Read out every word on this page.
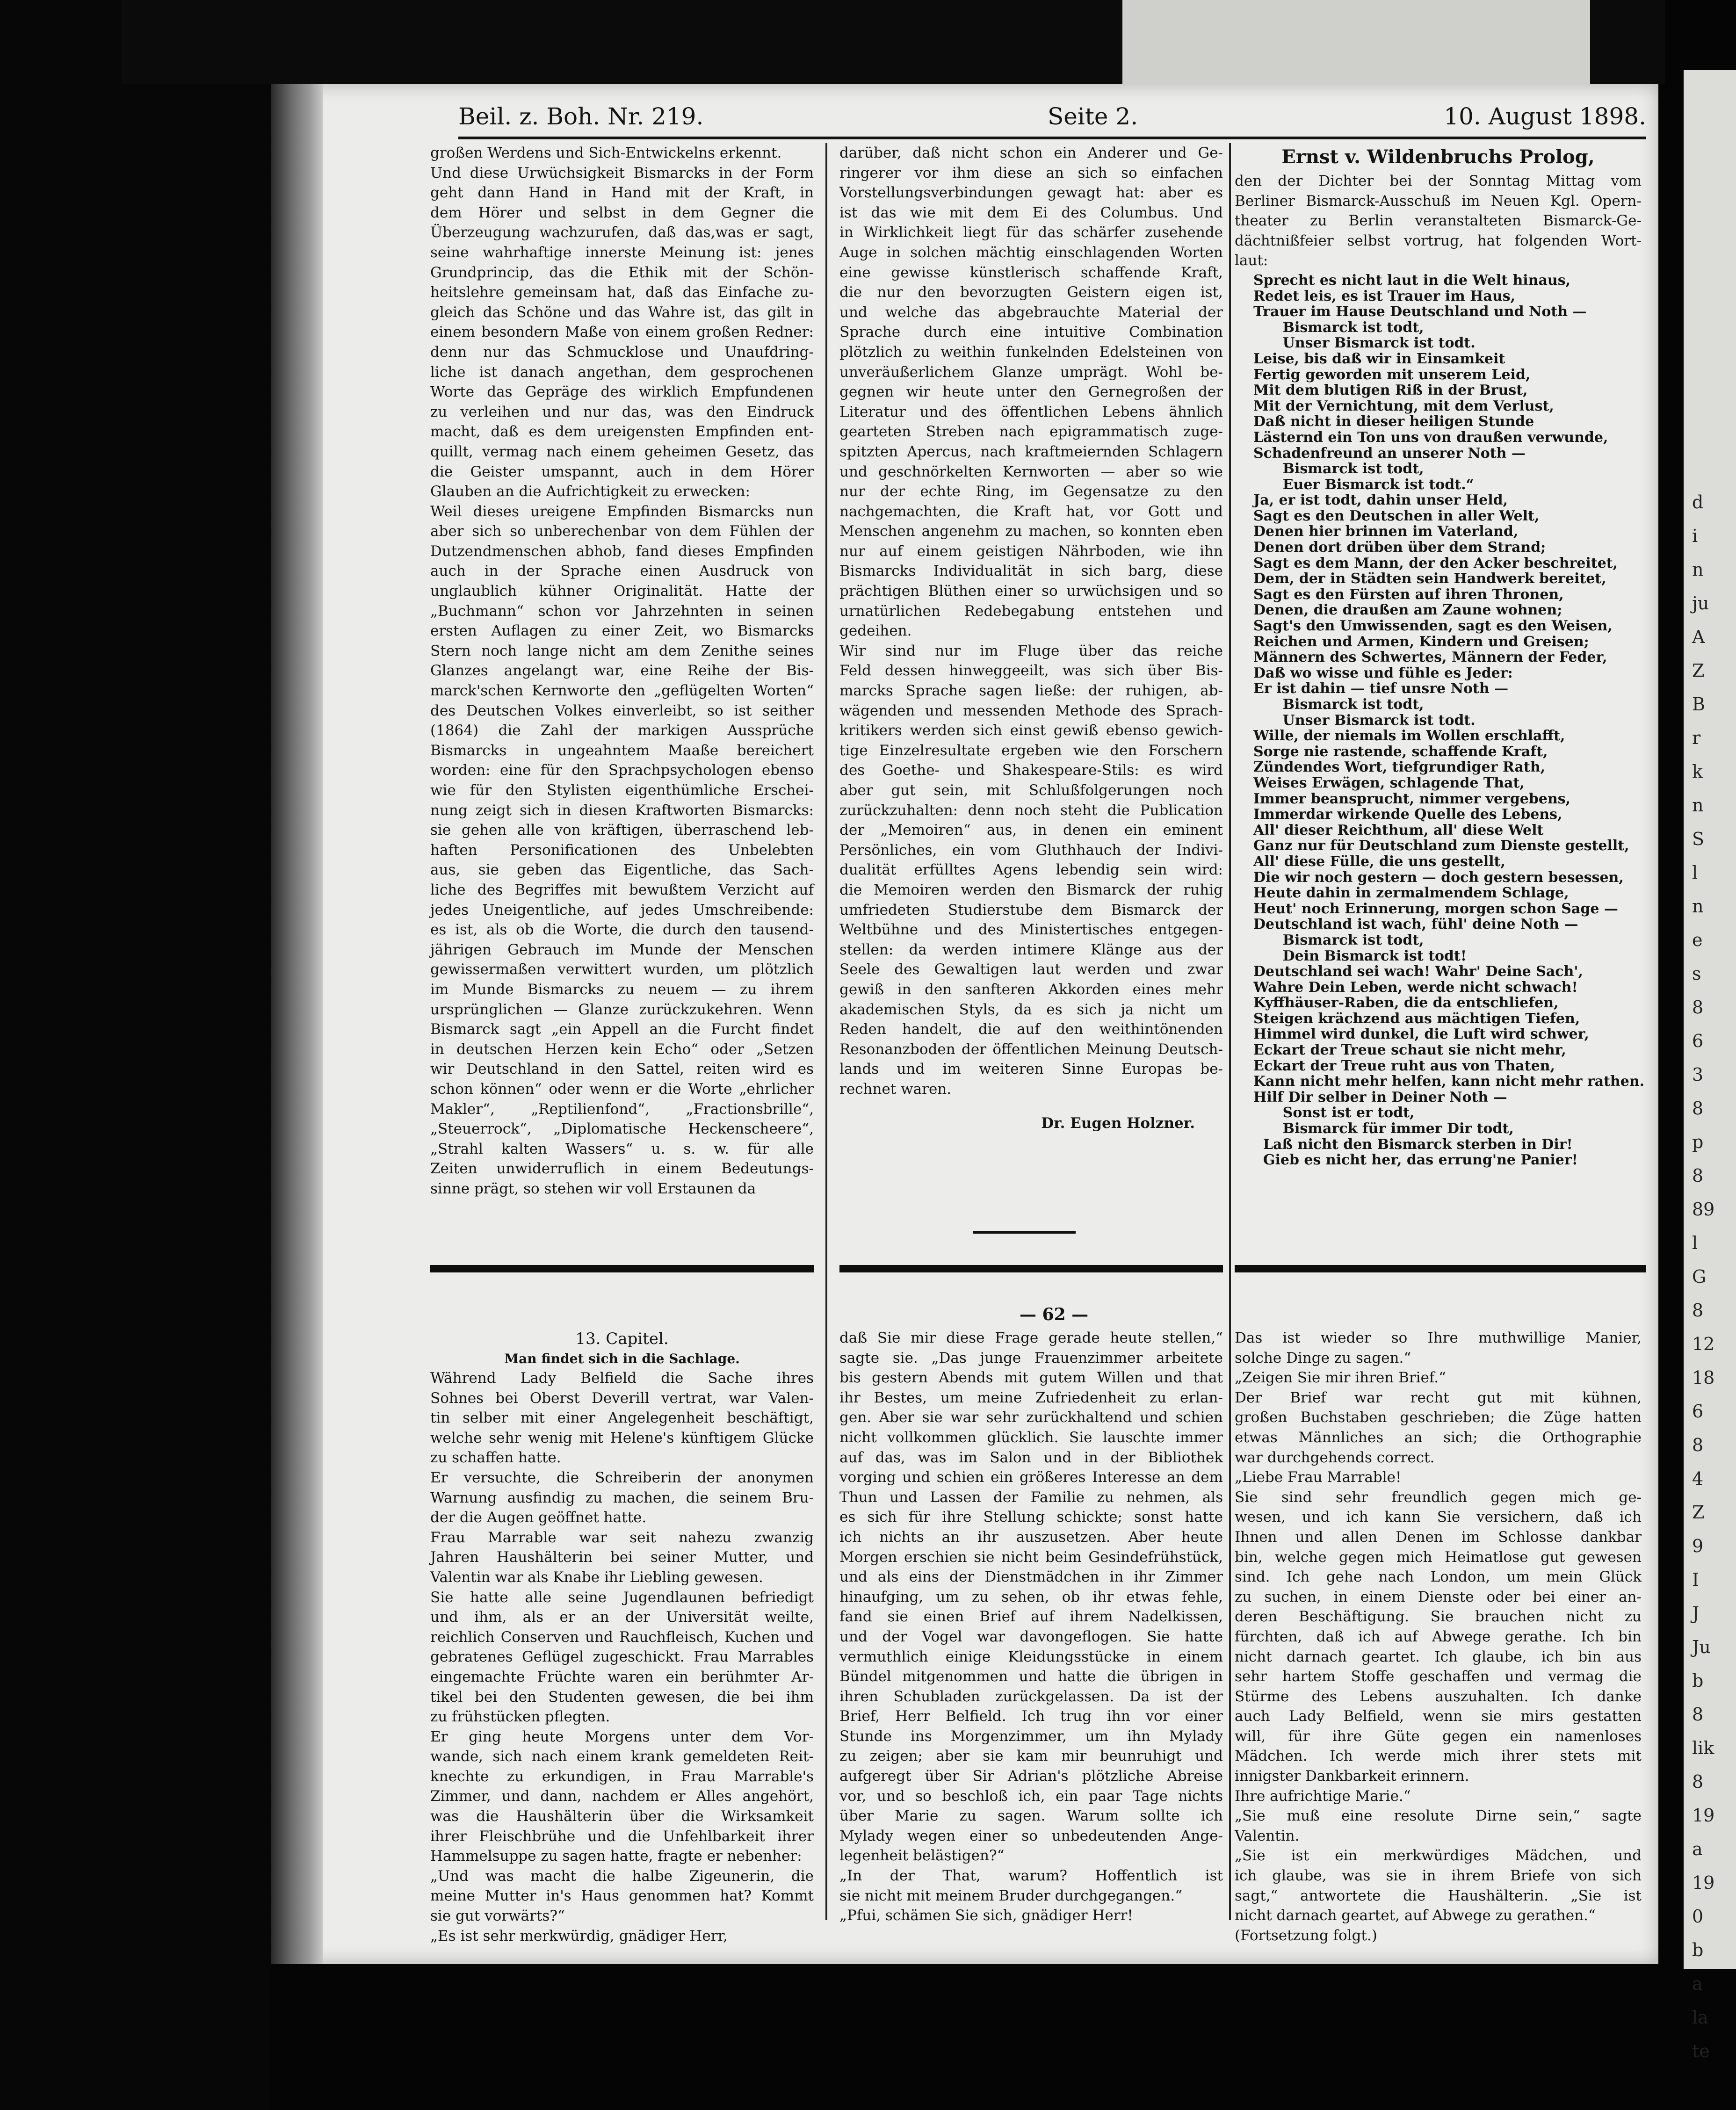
Beil. z. Boh. Nr. 219.	Seite 2.	10. August 1898.
großen Werdens und Sich-Entwickelns erkennt.
Und diese Urwüchsigkeit Bismarcks in der Form
geht dann Hand in Hand mit der Kraft, in
dem Hörer und selbst in dem Gegner die
Überzeugung wachzurufen, daß das,was er sagt,
seine wahrhaftige innerste Meinung ist: jenes
Grundprincip, das die Ethik mit der Schön-
heitslehre gemeinsam hat, daß das Einfache zu-
gleich das Schöne und das Wahre ist, das gilt in
einem besondern Maße von einem großen Redner:
denn nur das Schmucklose und Unaufdring-
liche ist danach angethan, dem gesprochenen
Worte das Gepräge des wirklich Empfundenen
zu verleihen und nur das, was den Eindruck
macht, daß es dem ureigensten Empfinden ent-
quillt, vermag nach einem geheimen Gesetz, das
die Geister umspannt, auch in dem Hörer
Glauben an die Aufrichtigkeit zu erwecken:
Weil dieses ureigene Empfinden Bismarcks nun
aber sich so unberechenbar von dem Fühlen der
Dutzendmenschen abhob, fand dieses Empfinden
auch in der Sprache einen Ausdruck von
unglaublich kühner Originalität. Hatte der
„Buchmann“ schon vor Jahrzehnten in seinen
ersten Auflagen zu einer Zeit, wo Bismarcks
Stern noch lange nicht am dem Zenithe seines
Glanzes angelangt war, eine Reihe der Bis-
marck'schen Kernworte den „geflügelten Worten“
des Deutschen Volkes einverleibt, so ist seither
(1864) die Zahl der markigen Aussprüche
Bismarcks in ungeahntem Maaße bereichert
worden: eine für den Sprachpsychologen ebenso
wie für den Stylisten eigenthümliche Erschei-
nung zeigt sich in diesen Kraftworten Bismarcks:
sie gehen alle von kräftigen, überraschend leb-
haften Personificationen des Unbelebten
aus, sie geben das Eigentliche, das Sach-
liche des Begriffes mit bewußtem Verzicht auf
jedes Uneigentliche, auf jedes Umschreibende:
es ist, als ob die Worte, die durch den tausend-
jährigen Gebrauch im Munde der Menschen
gewissermaßen verwittert wurden, um plötzlich
im Munde Bismarcks zu neuem — zu ihrem
ursprünglichen — Glanze zurückzukehren. Wenn
Bismarck sagt „ein Appell an die Furcht findet
in deutschen Herzen kein Echo“ oder „Setzen
wir Deutschland in den Sattel, reiten wird es
schon können“ oder wenn er die Worte „ehrlicher
Makler“, „Reptilienfond“, „Fractionsbrille“,
„Steuerrock“, „Diplomatische Heckenscheere“,
„Strahl kalten Wassers“ u. s. w. für alle
Zeiten unwiderruflich in einem Bedeutungs-
sinne prägt, so stehen wir voll Erstaunen da
darüber, daß nicht schon ein Anderer und Ge-
ringerer vor ihm diese an sich so einfachen
Vorstellungsverbindungen gewagt hat: aber es
ist das wie mit dem Ei des Columbus. Und
in Wirklichkeit liegt für das schärfer zusehende
Auge in solchen mächtig einschlagenden Worten
eine gewisse künstlerisch schaffende Kraft,
die nur den bevorzugten Geistern eigen ist,
und welche das abgebrauchte Material der
Sprache durch eine intuitive Combination
plötzlich zu weithin funkelnden Edelsteinen von
unveräußerlichem Glanze umprägt. Wohl be-
gegnen wir heute unter den Gernegroßen der
Literatur und des öffentlichen Lebens ähnlich
gearteten Streben nach epigrammatisch zuge-
spitzten Apercus, nach kraftmeiernden Schlagern
und geschnörkelten Kernworten — aber so wie
nur der echte Ring, im Gegensatze zu den
nachgemachten, die Kraft hat, vor Gott und
Menschen angenehm zu machen, so konnten eben
nur auf einem geistigen Nährboden, wie ihn
Bismarcks Individualität in sich barg, diese
prächtigen Blüthen einer so urwüchsigen und so
urnatürlichen Redebegabung entstehen und
gedeihen.
Wir sind nur im Fluge über das reiche
Feld dessen hinweggeeilt, was sich über Bis-
marcks Sprache sagen ließe: der ruhigen, ab-
wägenden und messenden Methode des Sprach-
kritikers werden sich einst gewiß ebenso gewich-
tige Einzelresultate ergeben wie den Forschern
des Goethe- und Shakespeare-Stils: es wird
aber gut sein, mit Schlußfolgerungen noch
zurückzuhalten: denn noch steht die Publication
der „Memoiren“ aus, in denen ein eminent
Persönliches, ein vom Gluthhauch der Indivi-
dualität erfülltes Agens lebendig sein wird:
die Memoiren werden den Bismarck der ruhig
umfriedeten Studierstube dem Bismarck der
Weltbühne und des Ministertisches entgegen-
stellen: da werden intimere Klänge aus der
Seele des Gewaltigen laut werden und zwar
gewiß in den sanfteren Akkorden eines mehr
akademischen Styls, da es sich ja nicht um
Reden handelt, die auf den weithintönenden
Resonanzboden der öffentlichen Meinung Deutsch-
lands und im weiteren Sinne Europas be-
rechnet waren.
Dr. Eugen Holzner.
Ernst v. Wildenbruchs Prolog,
den der Dichter bei der Sonntag Mittag vom
Berliner Bismarck-Ausschuß im Neuen Kgl. Opern-
theater zu Berlin veranstalteten Bismarck-Ge-
dächtnißfeier selbst vortrug, hat folgenden Wort-
laut:
Sprecht es nicht laut in die Welt hinaus,
Redet leis, es ist Trauer im Haus,
Trauer im Hause Deutschland und Noth —
Bismarck ist todt,
Unser Bismarck ist todt.
Leise, bis daß wir in Einsamkeit
Fertig geworden mit unserem Leid,
Mit dem blutigen Riß in der Brust,
Mit der Vernichtung, mit dem Verlust,
Daß nicht in dieser heiligen Stunde
Lästernd ein Ton uns von draußen verwunde,
Schadenfreund an unserer Noth —
Bismarck ist todt,
Euer Bismarck ist todt.“
Ja, er ist todt, dahin unser Held,
Sagt es den Deutschen in aller Welt,
Denen hier brinnen im Vaterland,
Denen dort drüben über dem Strand;
Sagt es dem Mann, der den Acker beschreitet,
Dem, der in Städten sein Handwerk bereitet,
Sagt es den Fürsten auf ihren Thronen,
Denen, die draußen am Zaune wohnen;
Sagt's den Umwissenden, sagt es den Weisen,
Reichen und Armen, Kindern und Greisen;
Männern des Schwertes, Männern der Feder,
Daß wo wisse und fühle es Jeder:
Er ist dahin — tief unsre Noth —
Bismarck ist todt,
Unser Bismarck ist todt.
Wille, der niemals im Wollen erschlafft,
Sorge nie rastende, schaffende Kraft,
Zündendes Wort, tiefgrundiger Rath,
Weises Erwägen, schlagende That,
Immer beansprucht, nimmer vergebens,
Immerdar wirkende Quelle des Lebens,
All' dieser Reichthum, all' diese Welt
Ganz nur für Deutschland zum Dienste gestellt,
All' diese Fülle, die uns gestellt,
Die wir noch gestern — doch gestern besessen,
Heute dahin in zermalmendem Schlage,
Heut' noch Erinnerung, morgen schon Sage —
Deutschland ist wach, fühl' deine Noth —
Bismarck ist todt,
Dein Bismarck ist todt!
Deutschland sei wach! Wahr' Deine Sach',
Wahre Dein Leben, werde nicht schwach!
Kyffhäuser-Raben, die da entschliefen,
Steigen krächzend aus mächtigen Tiefen,
Himmel wird dunkel, die Luft wird schwer,
Eckart der Treue schaut sie nicht mehr,
Eckart der Treue ruht aus von Thaten,
Kann nicht mehr helfen, kann nicht mehr rathen.
Hilf Dir selber in Deiner Noth —
Sonst ist er todt,
Bismarck für immer Dir todt,
Laß nicht den Bismarck sterben in Dir!
Gieb es nicht her, das errung'ne Panier!
— 62 —
13. Capitel.
Man findet sich in die Sachlage.
Während Lady Belfield die Sache ihres
Sohnes bei Oberst Deverill vertrat, war Valen-
tin selber mit einer Angelegenheit beschäftigt,
welche sehr wenig mit Helene's künftigem Glücke
zu schaffen hatte.
Er versuchte, die Schreiberin der anonymen
Warnung ausfindig zu machen, die seinem Bru-
der die Augen geöffnet hatte.
Frau Marrable war seit nahezu zwanzig
Jahren Haushälterin bei seiner Mutter, und
Valentin war als Knabe ihr Liebling gewesen.
Sie hatte alle seine Jugendlaunen befriedigt
und ihm, als er an der Universität weilte,
reichlich Conserven und Rauchfleisch, Kuchen und
gebratenes Geflügel zugeschickt. Frau Marrables
eingemachte Früchte waren ein berühmter Ar-
tikel bei den Studenten gewesen, die bei ihm
zu frühstücken pflegten.
Er ging heute Morgens unter dem Vor-
wande, sich nach einem krank gemeldeten Reit-
knechte zu erkundigen, in Frau Marrable's
Zimmer, und dann, nachdem er Alles angehört,
was die Haushälterin über die Wirksamkeit
ihrer Fleischbrühe und die Unfehlbarkeit ihrer
Hammelsuppe zu sagen hatte, fragte er nebenher:
„Und was macht die halbe Zigeunerin, die
meine Mutter in's Haus genommen hat? Kommt
sie gut vorwärts?“
„Es ist sehr merkwürdig, gnädiger Herr,
daß Sie mir diese Frage gerade heute stellen,“
sagte sie. „Das junge Frauenzimmer arbeitete
bis gestern Abends mit gutem Willen und that
ihr Bestes, um meine Zufriedenheit zu erlan-
gen. Aber sie war sehr zurückhaltend und schien
nicht vollkommen glücklich. Sie lauschte immer
auf das, was im Salon und in der Bibliothek
vorging und schien ein größeres Interesse an dem
Thun und Lassen der Familie zu nehmen, als
es sich für ihre Stellung schickte; sonst hatte
ich nichts an ihr auszusetzen. Aber heute
Morgen erschien sie nicht beim Gesindefrühstück,
und als eins der Dienstmädchen in ihr Zimmer
hinaufging, um zu sehen, ob ihr etwas fehle,
fand sie einen Brief auf ihrem Nadelkissen,
und der Vogel war davongeflogen. Sie hatte
vermuthlich einige Kleidungsstücke in einem
Bündel mitgenommen und hatte die übrigen in
ihren Schubladen zurückgelassen. Da ist der
Brief, Herr Belfield. Ich trug ihn vor einer
Stunde ins Morgenzimmer, um ihn Mylady
zu zeigen; aber sie kam mir beunruhigt und
aufgeregt über Sir Adrian's plötzliche Abreise
vor, und so beschloß ich, ein paar Tage nichts
über Marie zu sagen. Warum sollte ich
Mylady wegen einer so unbedeutenden Ange-
legenheit belästigen?“
„In der That, warum? Hoffentlich ist
sie nicht mit meinem Bruder durchgegangen.“
„Pfui, schämen Sie sich, gnädiger Herr!
Das ist wieder so Ihre muthwillige Manier,
solche Dinge zu sagen.“
„Zeigen Sie mir ihren Brief.“
Der Brief war recht gut mit kühnen,
großen Buchstaben geschrieben; die Züge hatten
etwas Männliches an sich; die Orthographie
war durchgehends correct.
„Liebe Frau Marrable!
Sie sind sehr freundlich gegen mich ge-
wesen, und ich kann Sie versichern, daß ich
Ihnen und allen Denen im Schlosse dankbar
bin, welche gegen mich Heimatlose gut gewesen
sind. Ich gehe nach London, um mein Glück
zu suchen, in einem Dienste oder bei einer an-
deren Beschäftigung. Sie brauchen nicht zu
fürchten, daß ich auf Abwege gerathe. Ich bin
nicht darnach geartet. Ich glaube, ich bin aus
sehr hartem Stoffe geschaffen und vermag die
Stürme des Lebens auszuhalten. Ich danke
auch Lady Belfield, wenn sie mirs gestatten
will, für ihre Güte gegen ein namenloses
Mädchen. Ich werde mich ihrer stets mit
innigster Dankbarkeit erinnern.
Ihre aufrichtige Marie.“
„Sie muß eine resolute Dirne sein,“ sagte
Valentin.
„Sie ist ein merkwürdiges Mädchen, und
ich glaube, was sie in ihrem Briefe von sich
sagt,“ antwortete die Haushälterin. „Sie ist
nicht darnach geartet, auf Abwege zu gerathen.“
(Fortsetzung folgt.)
d
i
n
ju
A
Z
B
r
k
n
S
l
n
e
s
8
6
3
8
p
8
89
l
G
8
12
18
6
8
4
Z
9
I
J
Ju
b
8
lik
8
19
a
19
0
b
a
la
te
